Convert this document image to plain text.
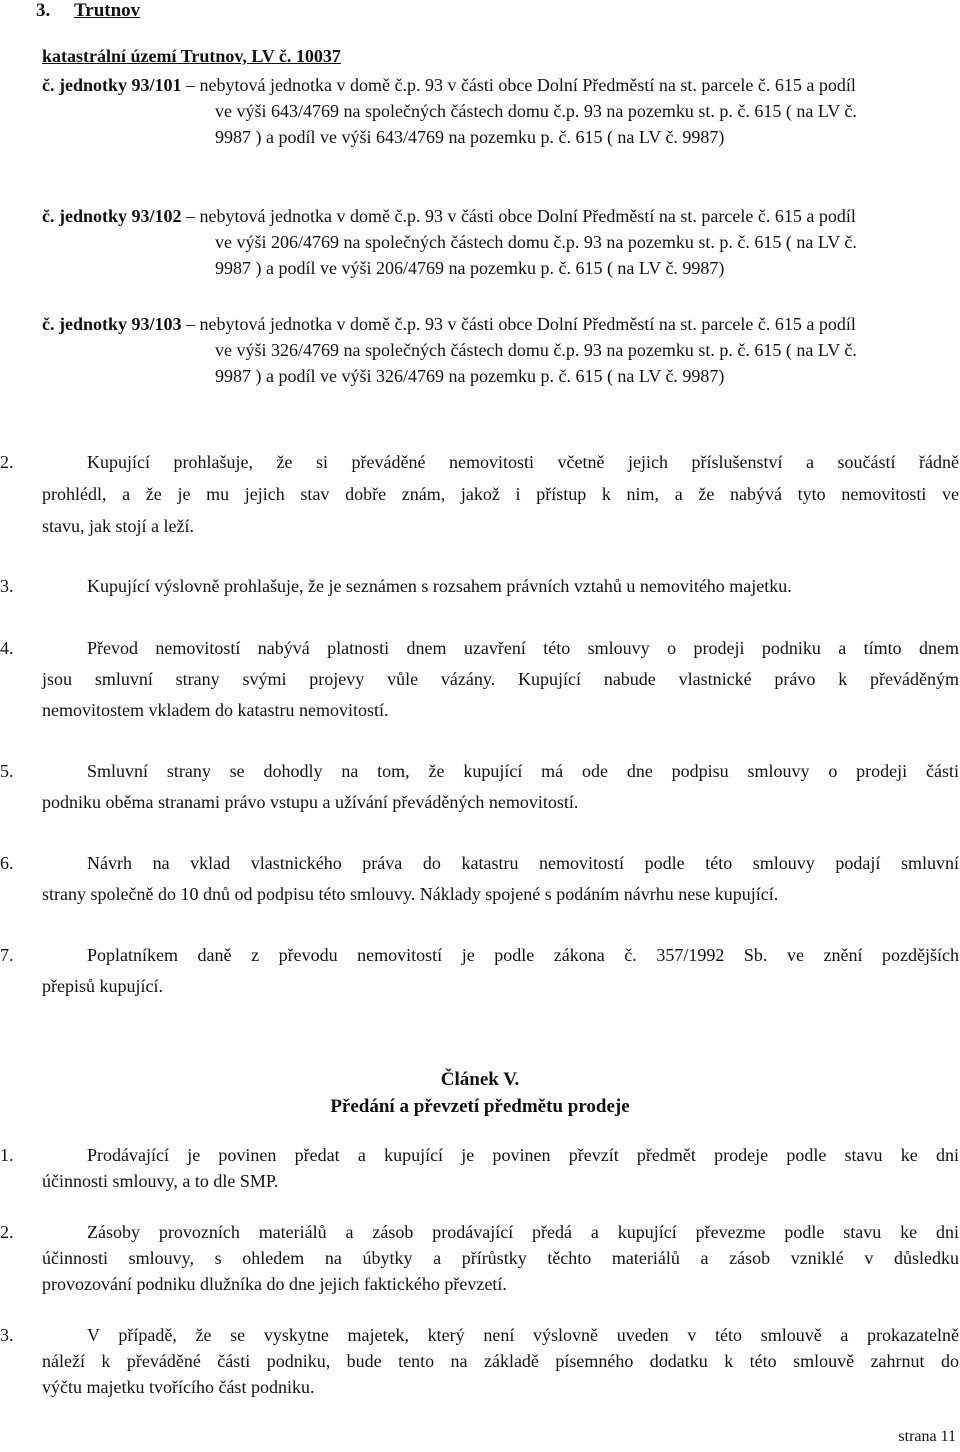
3. Trutnov
katastrální území Trutnov, LV č. 10037
č. jednotky 93/101 – nebytová jednotka v domě č.p. 93 v části obce Dolní Předměstí na st. parcele č. 615 a podíl
ve výši 643/4769 na společných částech domu č.p. 93 na pozemku st. p. č. 615 ( na LV č.
9987 ) a podíl ve výši 643/4769 na pozemku p. č. 615 ( na LV č. 9987)
č. jednotky 93/102 – nebytová jednotka v domě č.p. 93 v části obce Dolní Předměstí na st. parcele č. 615 a podíl
ve výši 206/4769 na společných částech domu č.p. 93 na pozemku st. p. č. 615 ( na LV č.
9987 ) a podíl ve výši 206/4769 na pozemku p. č. 615 ( na LV č. 9987)
č. jednotky 93/103 – nebytová jednotka v domě č.p. 93 v části obce Dolní Předměstí na st. parcele č. 615 a podíl
ve výši 326/4769 na společných částech domu č.p. 93 na pozemku st. p. č. 615 ( na LV č.
9987 ) a podíl ve výši 326/4769 na pozemku p. č. 615 ( na LV č. 9987)
2.	Kupující prohlašuje, že si převáděné nemovitosti včetně jejich příslušenství a součástí řádně
prohlédl, a že je mu jejich stav dobře znám, jakož i přístup k nim, a že nabývá tyto nemovitosti ve
stavu, jak stojí a leží.
3.	Kupující výslovně prohlašuje, že je seznámen s rozsahem právních vztahů u nemovitého majetku.
4.	Převod nemovitostí nabývá platnosti dnem uzavření této smlouvy o prodeji podniku a tímto dnem
jsou smluvní strany svými projevy vůle vázány. Kupující nabude vlastnické právo k převáděným
nemovitostem vkladem do katastru nemovitostí.
5.	Smluvní strany se dohodly na tom, že kupující má ode dne podpisu smlouvy o prodeji části
podniku oběma stranami právo vstupu a užívání převáděných nemovitostí.
6.	Návrh na vklad vlastnického práva do katastru nemovitostí podle této smlouvy podají smluvní
strany společně do 10 dnů od podpisu této smlouvy. Náklady spojené s podáním návrhu nese kupující.
7.	Poplatníkem daně z převodu nemovitostí je podle zákona č. 357/1992 Sb. ve znění pozdějších
přepisů kupující.
Článek V.
Předání a převzetí předmětu prodeje
1.	Prodávající je povinen předat a kupující je povinen převzít předmět prodeje podle stavu ke dni
účinnosti smlouvy, a to dle SMP.
2.	Zásoby provozních materiálů a zásob prodávající předá a kupující převezme podle stavu ke dni
účinnosti smlouvy, s ohledem na úbytky a přírůstky těchto materiálů a zásob vzniklé v důsledku
provozování podniku dlužníka do dne jejich faktického převzetí.
3.	V případě, že se vyskytne majetek, který není výslovně uveden v této smlouvě a prokazatelně
náleží k převáděné části podniku, bude tento na základě písemného dodatku k této smlouvě zahrnut do
výčtu majetku tvořícího část podniku.
strana 11
